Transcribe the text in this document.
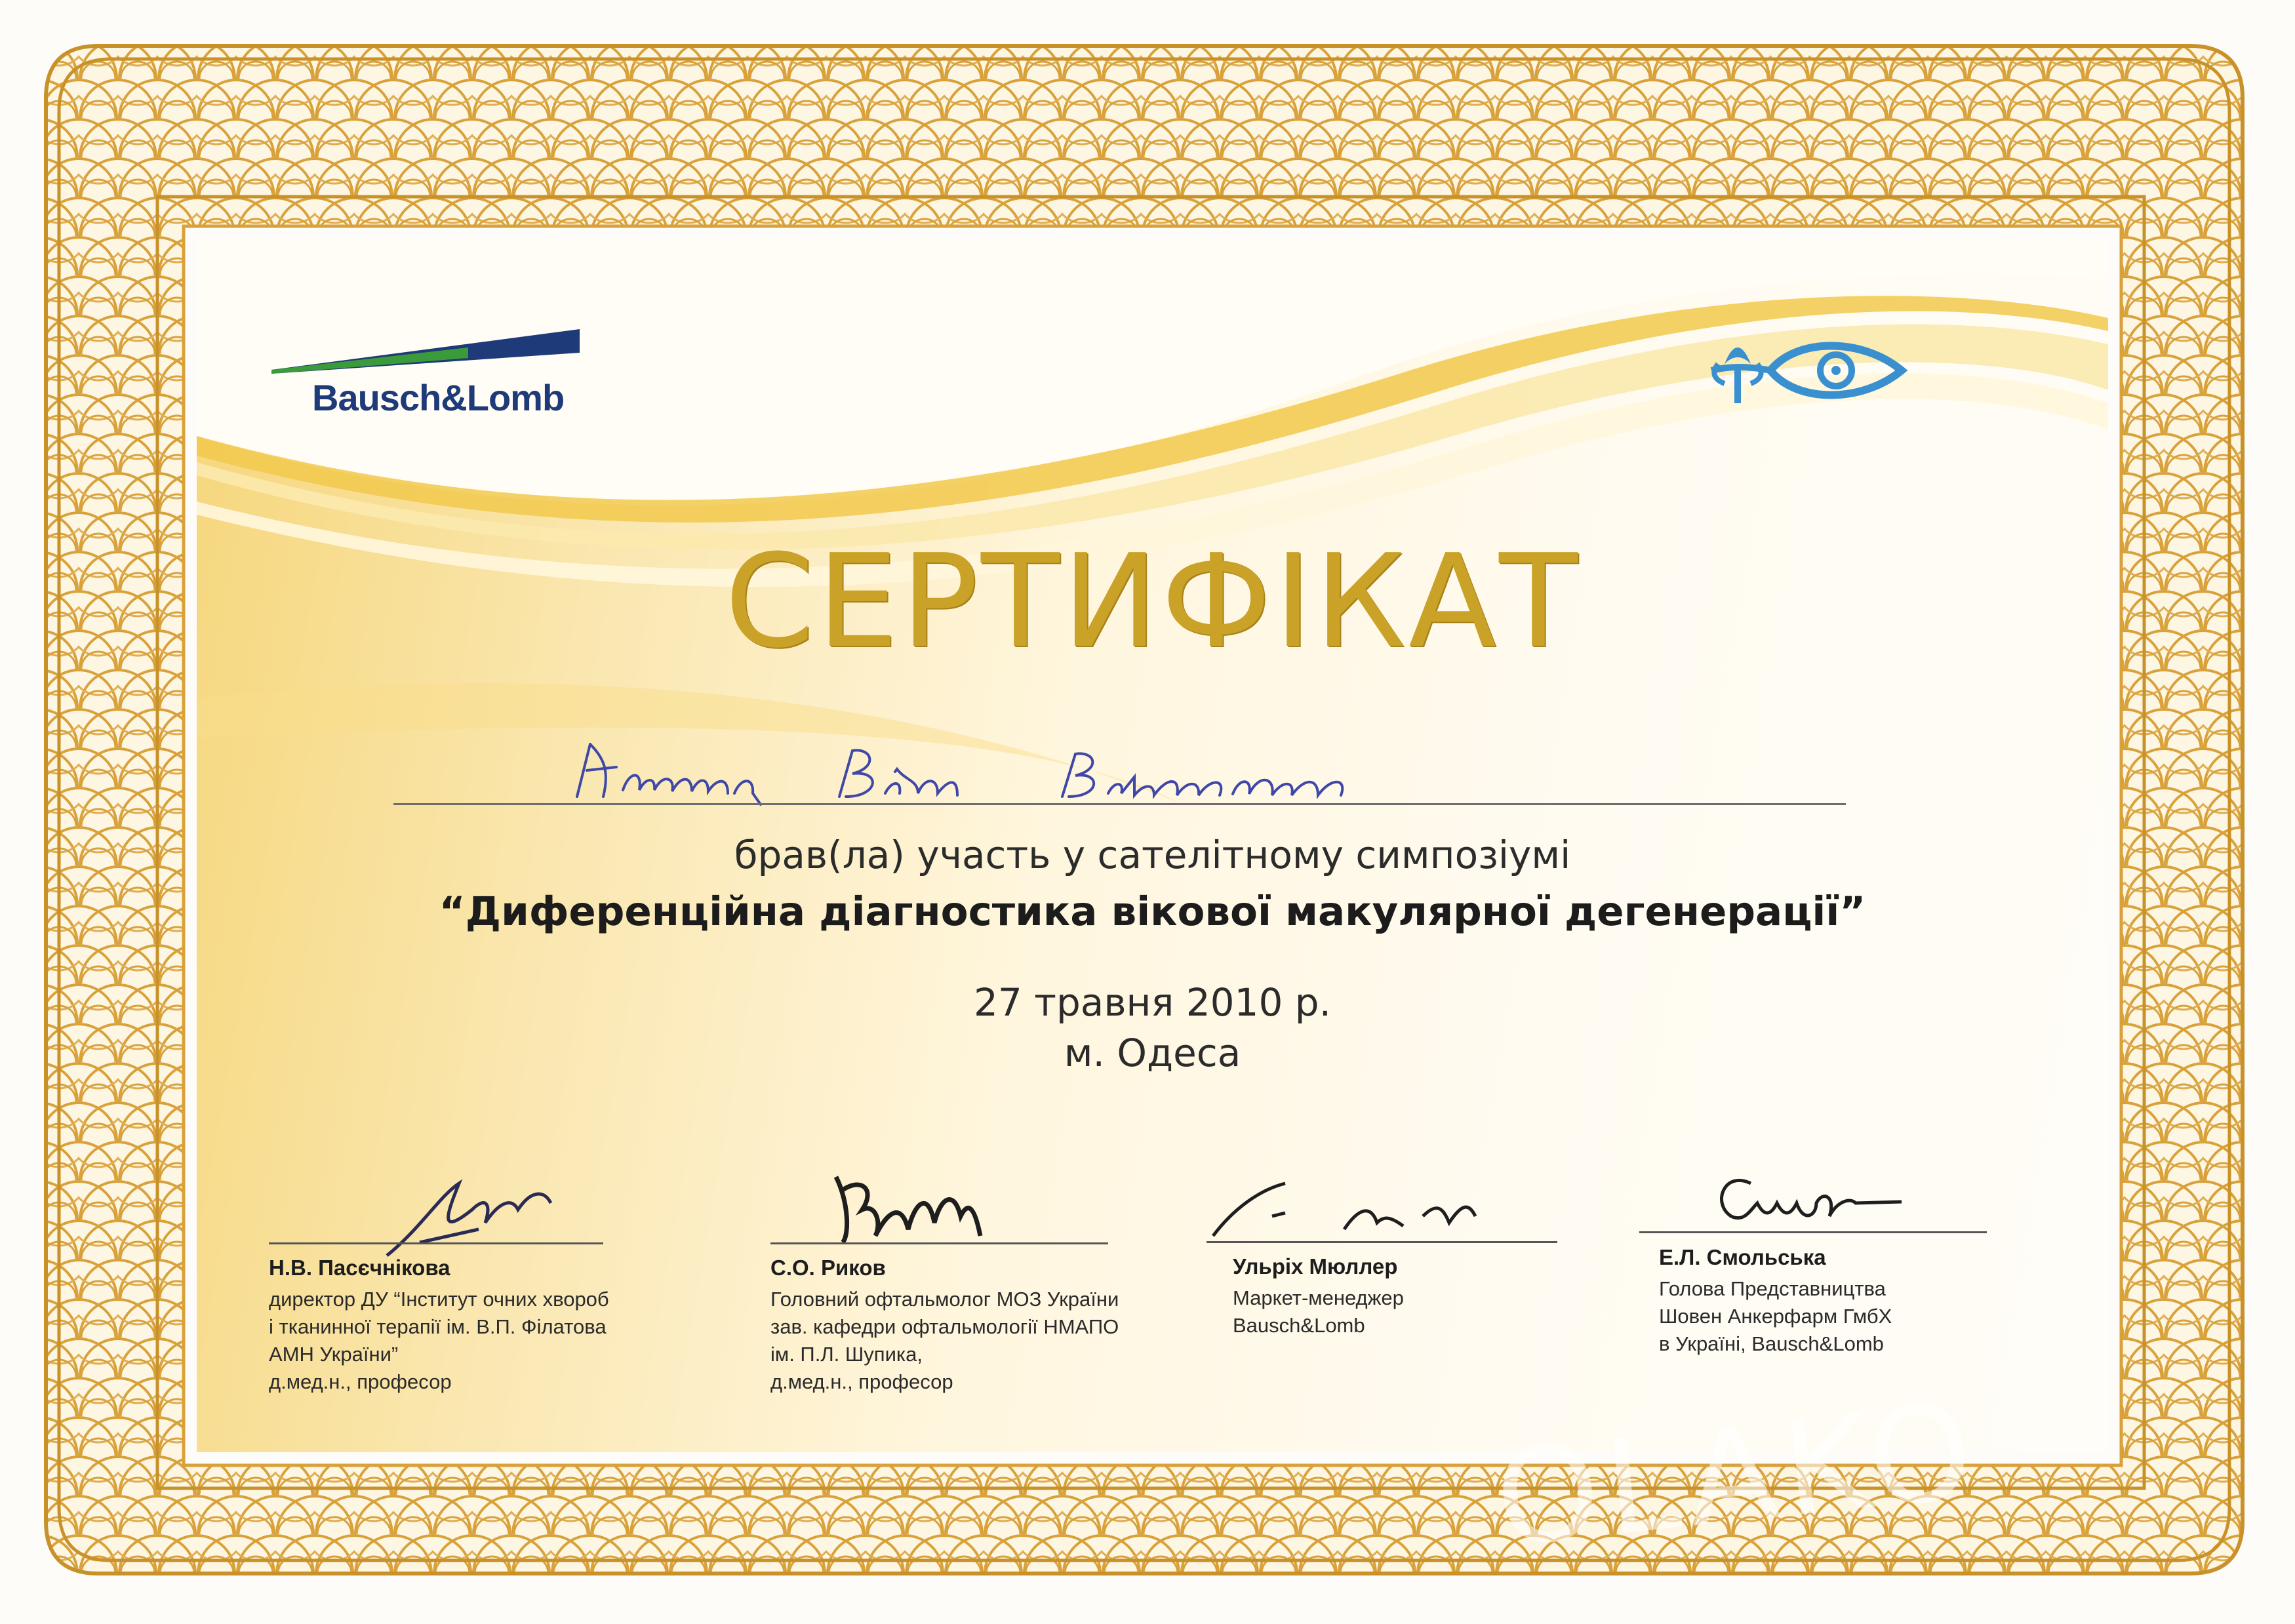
Bausch&Lomb
СЕРТИФІКАТ
брав(ла) участь у сателітному симпозіумі
“Диференційна діагностика вікової макулярної дегенерації”
27 травня 2010 р.
м. Одеса
Н.В. Пасєчнікова
директор ДУ “Інститут очних хвороб
і тканинної терапії ім. В.П. Філатова
АМН України”
д.мед.н., професор
С.О. Риков
Головний офтальмолог МОЗ України
зав. кафедри офтальмології НМАПО
ім. П.Л. Шупика,
д.мед.н., професор
Ульріх Мюллер
Маркет-менеджер
Bausch&Lomb
Е.Л. Смольська
Голова Представництва
Шовен Анкерфарм ГмбХ
в Україні, Bausch&Lomb
OLAKO
